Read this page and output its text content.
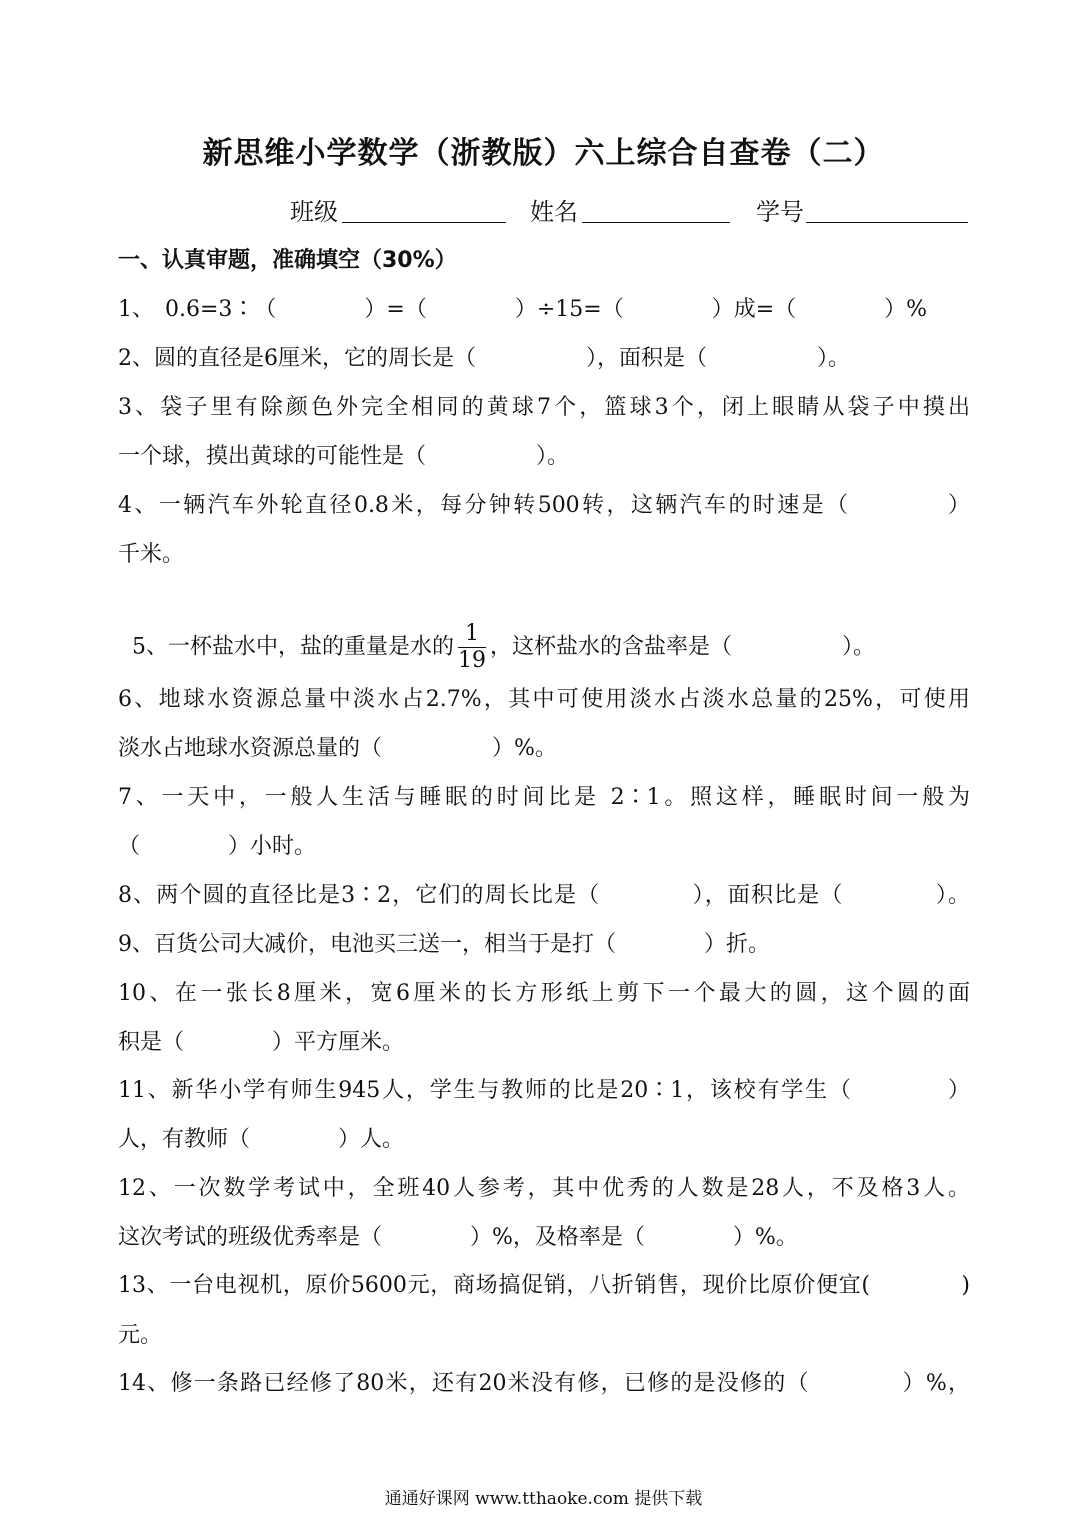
新思维小学数学（浙教版）六上综合自查卷（二）
班级	姓名	学号
一、认真审题，准确填空（30%）
1、　0.6=3∶（　　　　）=（　　　　）÷15=（　　　　）成=（　　　　）%
2、圆的直径是6厘米，它的周长是（　　　　　），面积是（　　　　　）。
3、袋子里有除颜色外完全相同的黄球7个，篮球3个，闭上眼睛从袋子中摸出
一个球，摸出黄球的可能性是（　　　　　）。
4、一辆汽车外轮直径0.8米，每分钟转500转，这辆汽车的时速是（　　　　）
千米。

5、一杯盐水中，盐的重量是水的 $\frac{1}{19}$ ，这杯盐水的含盐率是（　　　　　）。

6、地球水资源总量中淡水占2.7%，其中可使用淡水占淡水总量的25%，可使用
淡水占地球水资源总量的（　　　　　）%。
7、一天中，一般人生活与睡眠的时间比是 2∶1。照这样，睡眠时间一般为
（　　　　）小时。
8、两个圆的直径比是3∶2，它们的周长比是（　　　　），面积比是（　　　　）。
9、百货公司大减价，电池买三送一，相当于是打（　　　　）折。
10、在一张长8厘米，宽6厘米的长方形纸上剪下一个最大的圆，这个圆的面
积是（　　　　）平方厘米。
11、新华小学有师生945人，学生与教师的比是20∶1，该校有学生（　　　　）
人，有教师（　　　　）人。
12、一次数学考试中，全班40人参考，其中优秀的人数是28人，不及格3人。
这次考试的班级优秀率是（　　　　）%，及格率是（　　　　）%。
13、一台电视机，原价5600元，商场搞促销，八折销售，现价比原价便宜(　　　　)
元。
14、修一条路已经修了80米，还有20米没有修，已修的是没修的（　　　　）%，
通通好课网 www.tthaoke.com 提供下载
